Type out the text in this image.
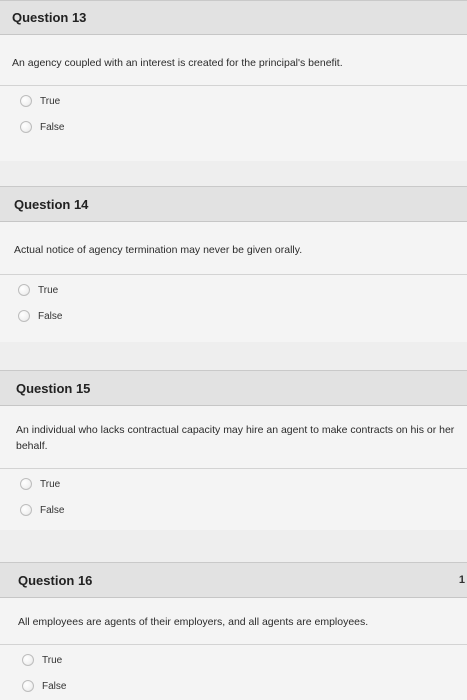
Question 13
An agency coupled with an interest is created for the principal's benefit.
True
False
Question 14
Actual notice of agency termination may never be given orally.
True
False
Question 15
An individual who lacks contractual capacity may hire an agent to make contracts on his or her behalf.
True
False
Question 16	1
All employees are agents of their employers, and all agents are employees.
True
False
